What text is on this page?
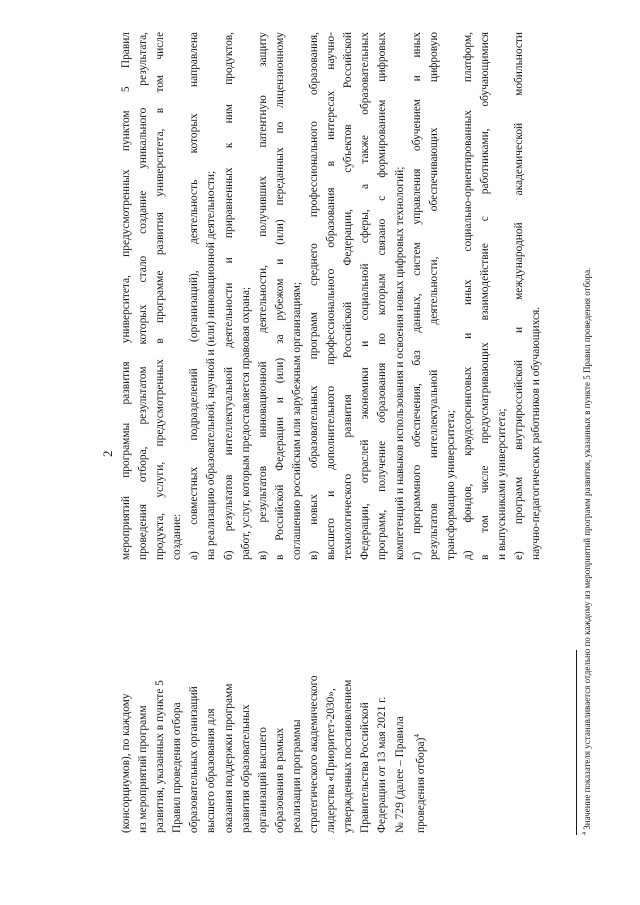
2
(консорциумов), по каждому из мероприятий программ развития, указанных в пункте 5 Правил проведения отбора образовательных организаций высшего образования для оказания поддержки программ развития образовательных организаций высшего образования в рамках реализации программы стратегического академического лидерства «Приоритет-2030», утвержденных постановлением Правительства Российской Федерации от 13 мая 2021 г. № 729 (далее – Правила проведения отбора)$^4$
мероприятий программы развития университета, предусмотренных пунктом 5 Правил проведения отбора, результатом которых стало создание уникального результата, продукта, услуги, предусмотренных в программе развития университета, в том числе создание: а) совместных подразделений (организаций), деятельность которых направлена на реализацию образовательной, научной и (или) инновационной деятельности; б) результатов интеллектуальной деятельности и приравненных к ним продуктов, работ, услуг, которым предоставляется правовая охрана; в) результатов инновационной деятельности, получивших патентную защиту в Российской Федерации и (или) за рубежом и (или) переданных по лицензионному соглашению российским или зарубежным организациям; в) новых образовательных программ среднего профессионального образования, высшего и дополнительного профессионального образования в интересах научно- технологического развития Российской Федерации, субъектов Российской Федерации, отраслей экономики и социальной сферы, а также образовательных программ, получение образования по которым связано с формированием цифровых компетенций и навыков использования и освоения новых цифровых технологий; г) программного обеспечения, баз данных, систем управления обучением и иных результатов интеллектуальной деятельности, обеспечивающих цифровую трансформацию университета; д) фондов, краудсорсинговых и иных социально-ориентированных платформ, в том числе предусматривающих взаимодействие с работниками, обучающимися и выпускниками университета; е) программ внутрироссийской и международной академической мобильности научно-педагогических работников и обучающихся.
$^4$ Значение показателя устанавливается отдельно по каждому из мероприятий программ развития, указанных в пункте 5 Правил проведения отбора.
